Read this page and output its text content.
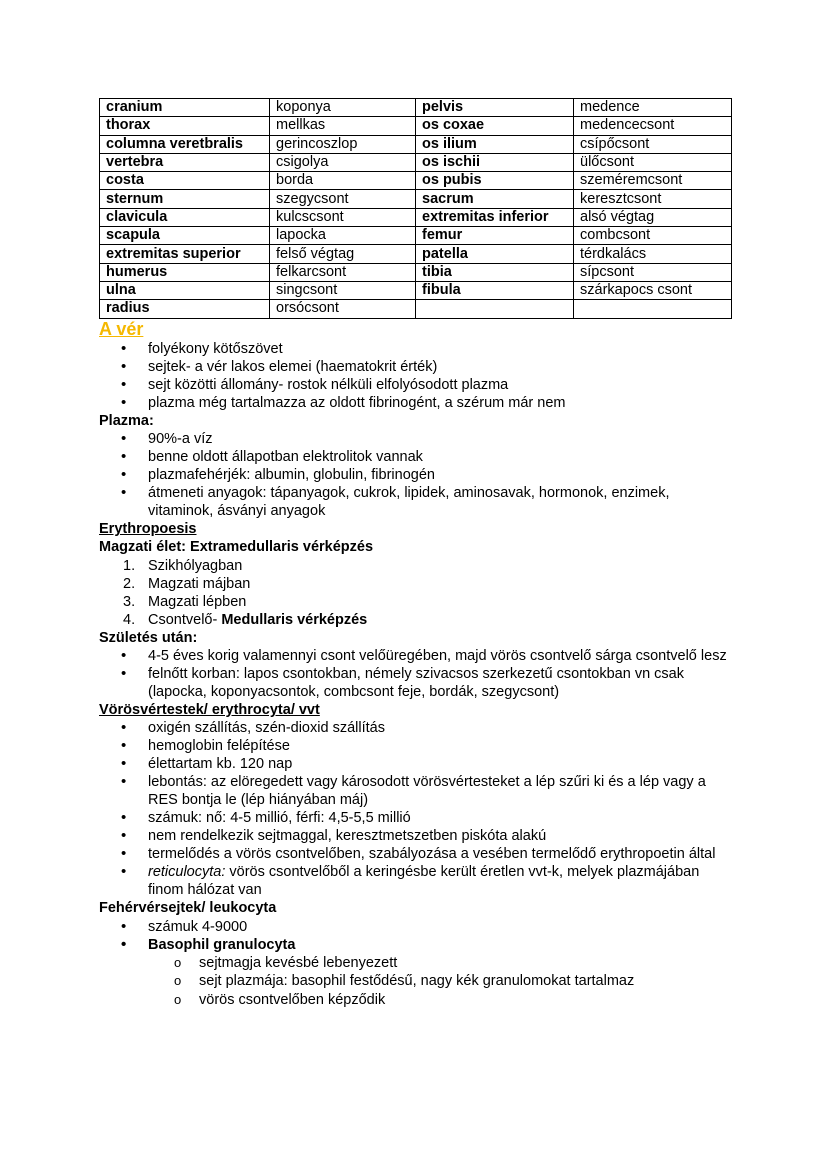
cranium	koponya	pelvis	medence
thorax	mellkas	os coxae	medencecsont
columna veretbralis	gerincoszlop	os ilium	csípőcsont
vertebra	csigolya	os ischii	ülőcsont
costa	borda	os pubis	szeméremcsont
sternum	szegycsont	sacrum	keresztcsont
clavicula	kulcscsont	extremitas inferior	alsó végtag
scapula	lapocka	femur	combcsont
extremitas superior	felső végtag	patella	térdkalács
humerus	felkarcsont	tibia	sípcsont
ulna	singcsont	fibula	szárkapocs csont
radius	orsócsont		
A vér
• folyékony kötőszövet
• sejtek- a vér lakos elemei (haematokrit érték)
• sejt közötti állomány- rostok nélküli elfolyósodott plazma
• plazma még tartalmazza az oldott fibrinogént, a szérum már nem
Plazma:
• 90%-a víz
• benne oldott állapotban elektrolitok vannak
• plazmafehérjék: albumin, globulin, fibrinogén
• átmeneti anyagok: tápanyagok, cukrok, lipidek, aminosavak, hormonok, enzimek, vitaminok, ásványi anyagok
Erythropoesis
Magzati élet: Extramedullaris vérképzés
1. Szikhólyagban
2. Magzati májban
3. Magzati lépben
4. Csontvelő- Medullaris vérképzés
Születés után:
• 4-5 éves korig valamennyi csont velőüregében, majd vörös csontvelő sárga csontvelő lesz
• felnőtt korban: lapos csontokban, némely szivacsos szerkezetű csontokban vn csak (lapocka, koponyacsontok, combcsont feje, bordák, szegycsont)
Vörösvértestek/ erythrocyta/ vvt
• oxigén szállítás, szén-dioxid szállítás
• hemoglobin felépítése
• élettartam kb. 120 nap
• lebontás: az elöregedett vagy károsodott vörösvértesteket a lép szűri ki és a lép vagy a RES bontja le (lép hiányában máj)
• számuk: nő: 4-5 millió, férfi: 4,5-5,5 millió
• nem rendelkezik sejtmaggal, keresztmetszetben piskóta alakú
• termelődés a vörös csontvelőben, szabályozása a vesében termelődő erythropoetin által
• reticulocyta: vörös csontvelőből a keringésbe került éretlen vvt-k, melyek plazmájában finom hálózat van
Fehérvérsejtek/ leukocyta
• számuk 4-9000
• Basophil granulocyta
o sejtmagja kevésbé lebenyezett
o sejt plazmája: basophil festődésű, nagy kék granulomokat tartalmaz
o vörös csontvelőben képződik
